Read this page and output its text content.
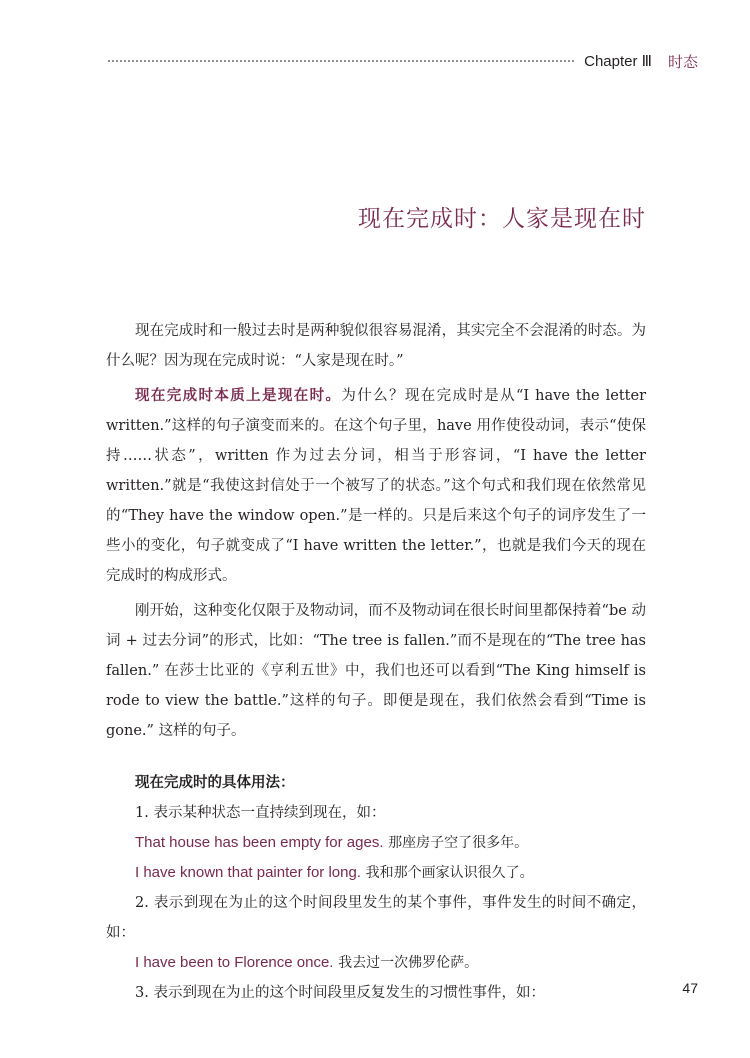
Chapter Ⅲ 时态
现在完成时：人家是现在时

现在完成时和一般过去时是两种貌似很容易混淆，其实完全不会混淆的时态。为什么呢？因为现在完成时说：“人家是现在时。”

现在完成时本质上是现在时。为什么？现在完成时是从“I have the letter written.”这样的句子演变而来的。在这个句子里，have 用作使役动词，表示“使保持……状态”，written 作为过去分词，相当于形容词，“I have the letter written.”就是“我使这封信处于一个被写了的状态。”这个句式和我们现在依然常见的“They have the window open.”是一样的。只是后来这个句子的词序发生了一些小的变化，句子就变成了“I have written the letter.”，也就是我们今天的现在完成时的构成形式。

刚开始，这种变化仅限于及物动词，而不及物动词在很长时间里都保持着“be 动词 + 过去分词”的形式，比如：“The tree is fallen.”而不是现在的“The tree has fallen.” 在莎士比亚的《亨利五世》中，我们也还可以看到“The King himself is rode to view the battle.”这样的句子。即便是现在，我们依然会看到“Time is gone.” 这样的句子。

现在完成时的具体用法：

1. 表示某种状态一直持续到现在，如：

That house has been empty for ages. 那座房子空了很多年。

I have known that painter for long. 我和那个画家认识很久了。

2. 表示到现在为止的这个时间段里发生的某个事件，事件发生的时间不确定，如：

I have been to Florence once. 我去过一次佛罗伦萨。

3. 表示到现在为止的这个时间段里反复发生的习惯性事件，如：	47
